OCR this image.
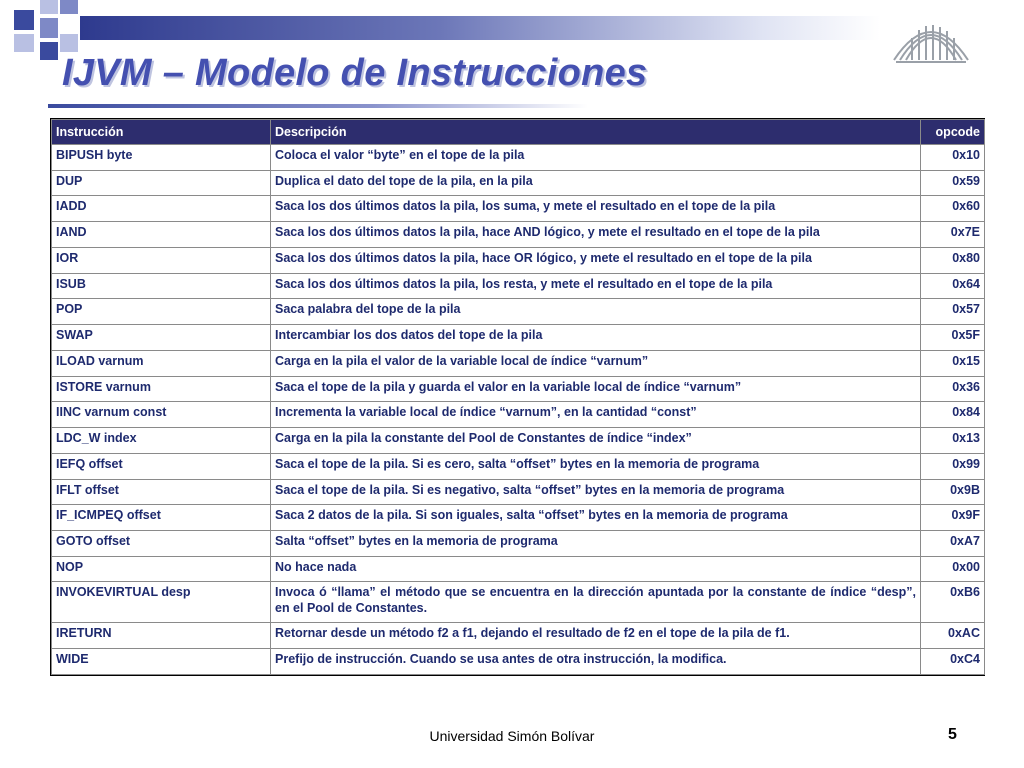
IJVM – Modelo de Instrucciones
Instrucción	Descripción	opcode
BIPUSH byte	Coloca el valor “byte” en el tope de la pila	0x10
DUP	Duplica el dato del tope de la pila, en la pila	0x59
IADD	Saca los dos últimos datos la pila, los suma, y mete el resultado en el tope de la pila	0x60
IAND	Saca los dos últimos datos la pila, hace AND lógico, y mete el resultado en el tope de la pila	0x7E
IOR	Saca los dos últimos datos la pila, hace OR lógico, y mete el resultado en el tope de la pila	0x80
ISUB	Saca los dos últimos datos la pila, los resta, y mete el resultado en el tope de la pila	0x64
POP	Saca palabra del tope de la pila	0x57
SWAP	Intercambiar los dos datos del tope de la pila	0x5F
ILOAD varnum	Carga en la pila el valor de la variable local de índice “varnum”	0x15
ISTORE varnum	Saca el tope de la pila y guarda el valor en la variable local de índice “varnum”	0x36
IINC varnum const	Incrementa la variable local de índice “varnum”, en la cantidad “const”	0x84
LDC_W index	Carga en la pila la constante del Pool de Constantes de índice “index”	0x13
IEFQ offset	Saca el tope de la pila. Si es cero, salta “offset” bytes en la memoria de programa	0x99
IFLT offset	Saca el tope de la pila. Si es negativo, salta “offset” bytes en la memoria de programa	0x9B
IF_ICMPEQ offset	Saca 2 datos de la pila. Si son iguales, salta “offset” bytes en la memoria de programa	0x9F
GOTO offset	Salta “offset” bytes en la memoria de programa	0xA7
NOP	No hace nada	0x00
INVOKEVIRTUAL desp	Invoca ó “llama” el método que se encuentra en la dirección apuntada por la constante de índice “desp”, en el Pool de Constantes.	0xB6
IRETURN	Retornar desde un método f2 a f1, dejando el resultado de f2 en el tope de la pila de f1.	0xAC
WIDE	Prefijo de instrucción. Cuando se usa antes de otra instrucción, la modifica.	0xC4
Universidad Simón Bolívar	5
